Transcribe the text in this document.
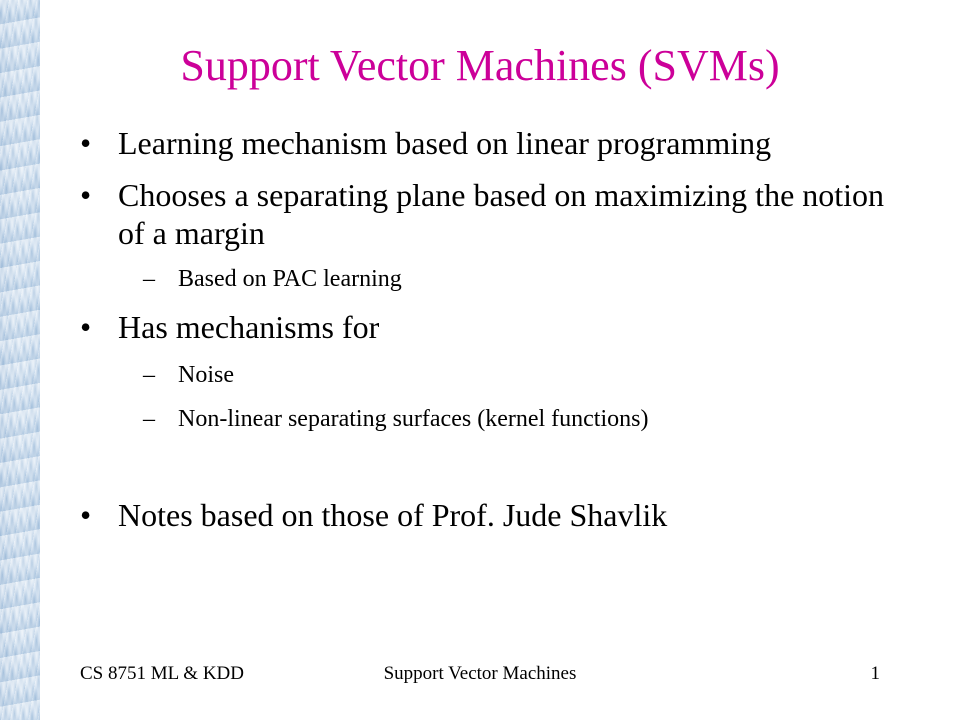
Support Vector Machines (SVMs)
• Learning mechanism based on linear programming
• Chooses a separating plane based on maximizing the notion of a margin
– Based on PAC learning
• Has mechanisms for
– Noise
– Non-linear separating surfaces (kernel functions)
• Notes based on those of Prof. Jude Shavlik
CS 8751 ML & KDD	Support Vector Machines	1
